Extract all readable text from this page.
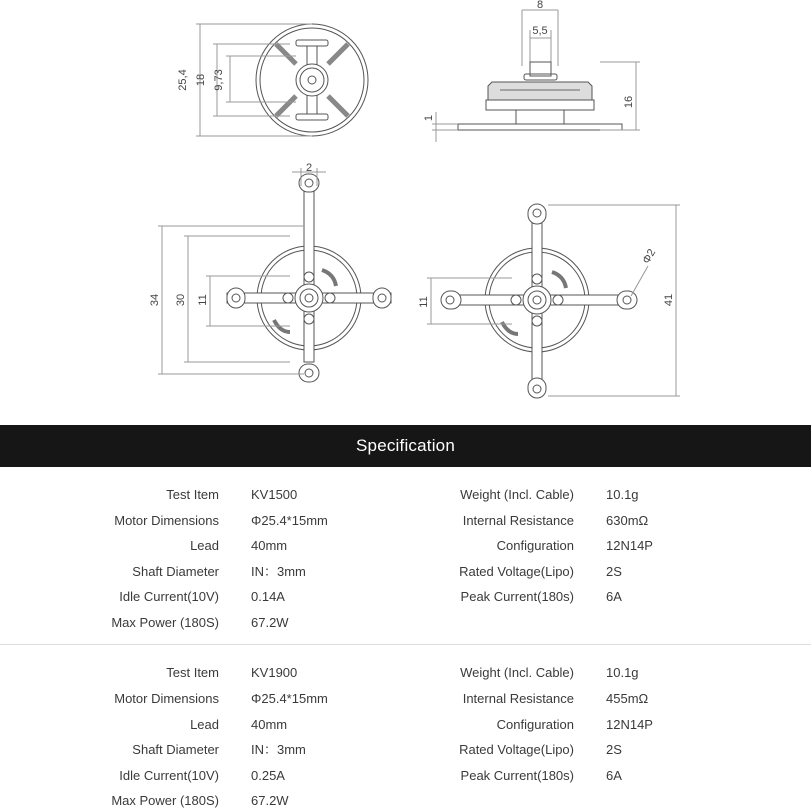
25,4 18 9,73
8
5,5
16
1
2
34 30 11	11
Φ2
41
Specification
Test Item KV1500	Weight (Incl. Cable) 10.1g
Motor Dimensions Φ25.4*15mm	Internal Resistance 630mΩ
Lead 40mm	Configuration 12N14P
Shaft Diameter IN：3mm	Rated Voltage(Lipo) 2S
Idle Current(10V) 0.14A	Peak Current(180s) 6A
Max Power (180S) 67.2W
Test Item KV1900	Weight (Incl. Cable) 10.1g
Motor Dimensions Φ25.4*15mm	Internal Resistance 455mΩ
Lead 40mm	Configuration 12N14P
Shaft Diameter IN：3mm	Rated Voltage(Lipo) 2S
Idle Current(10V) 0.25A	Peak Current(180s) 6A
Max Power (180S) 67.2W
